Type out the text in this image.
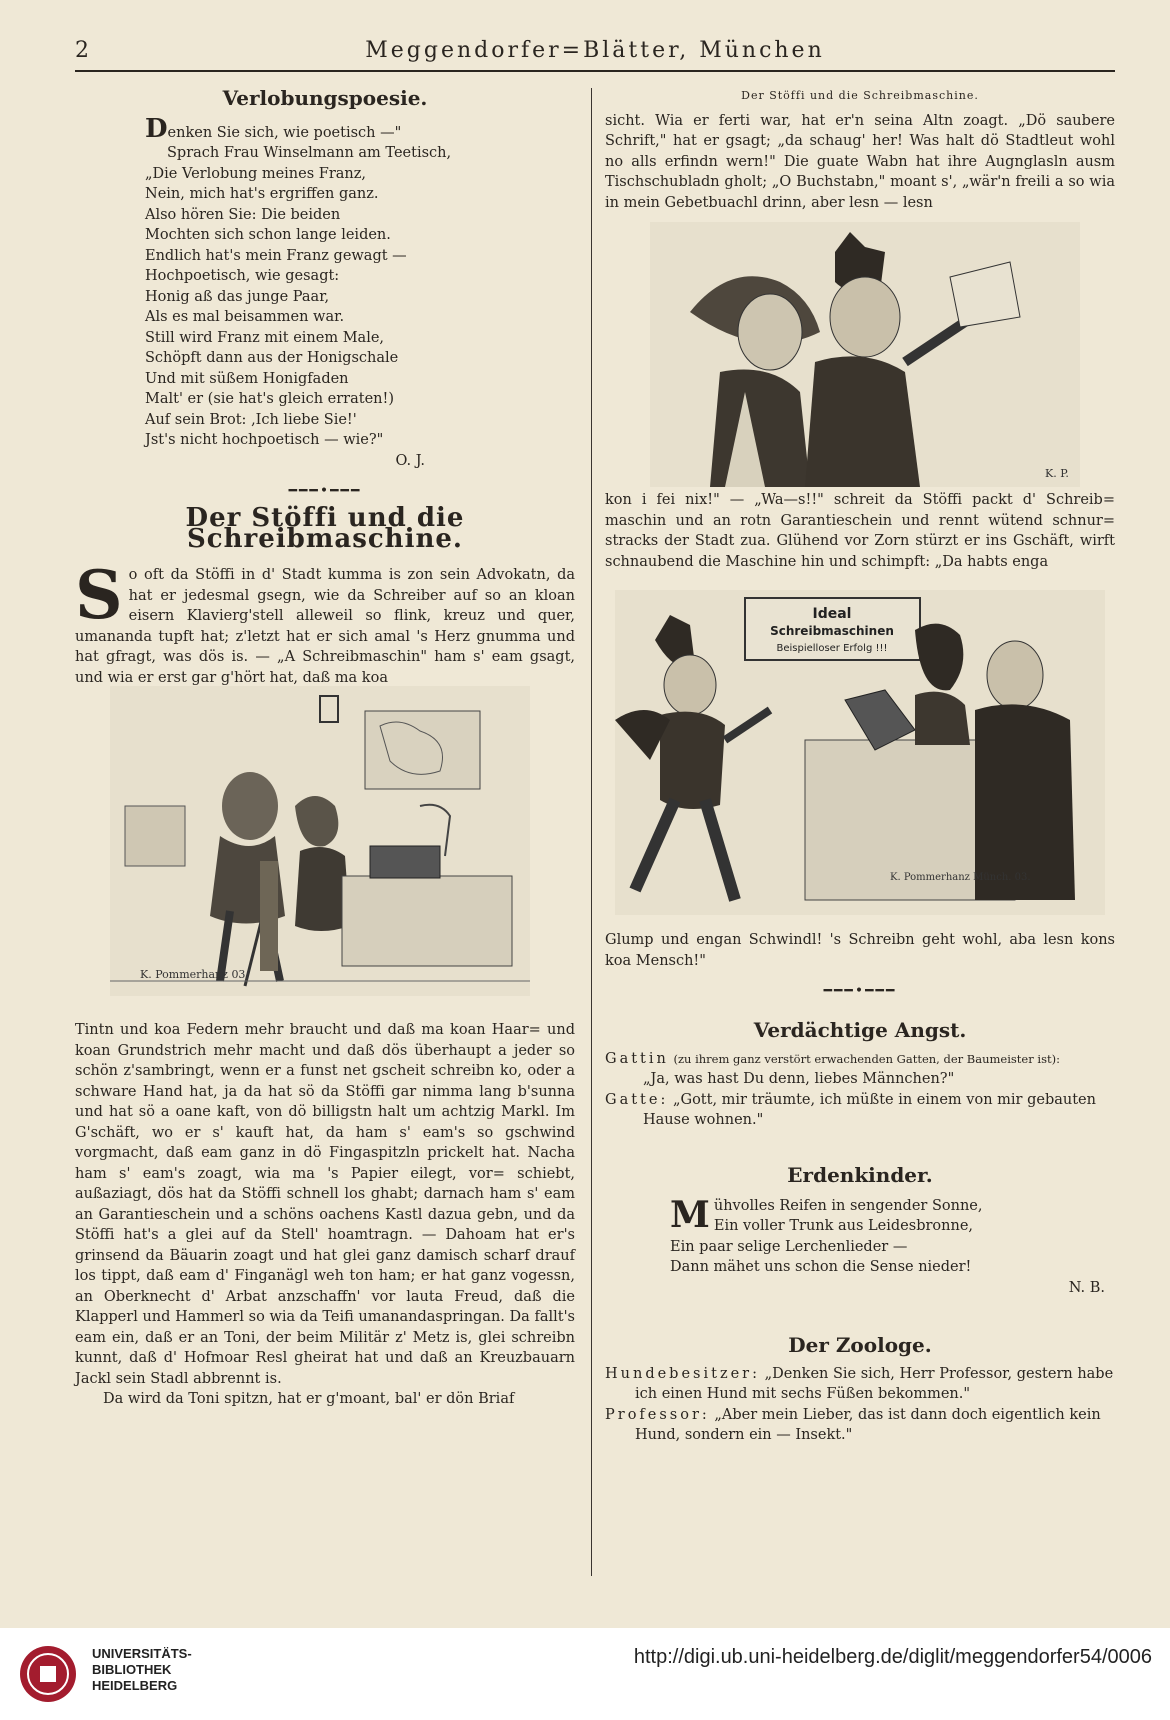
2	Meggendorfer=Blätter, München
Verlobungspoesie.
Denken Sie sich, wie poetisch —"
Sprach Frau Winselmann am Teetisch,
„Die Verlobung meines Franz,
Nein, mich hat's ergriffen ganz.
Also hören Sie: Die beiden
Mochten sich schon lange leiden.
Endlich hat's mein Franz gewagt —
Hochpoetisch, wie gesagt:
Honig aß das junge Paar,
Als es mal beisammen war.
Still wird Franz mit einem Male,
Schöpft dann aus der Honigschale
Und mit süßem Honigfaden
Malt' er (sie hat's gleich erraten!)
Auf sein Brot: ‚Ich liebe Sie!'
Jst's nicht hochpoetisch — wie?"
O. J.
━━━•━━━
Der Stöffi und die Schreibmaschine.
S o oft da Stöffi in d' Stadt kumma is zon sein Advokatn, da hat er jedesmal gsegn, wie da Schreiber auf so an kloan eisern Klavierg'stell alleweil so flink, kreuz und quer, umananda tupft hat; z'letzt hat er sich amal 's Herz gnumma und hat gfragt, was dös is. — „A Schreibmaschin" ham s' eam gsagt, und wia er erst gar g'hört hat, daß ma koa

K. Pommerhanz 03

Tintn und koa Federn mehr braucht und daß ma koan Haar= und koan Grundstrich mehr macht und daß dös überhaupt a jeder so schön z'sambringt, wenn er a funst net gscheit schreibn ko, oder a schware Hand hat, ja da hat sö da Stöffi gar nimma lang b'sunna und hat sö a oane kaft, von dö billigstn halt um achtzig Markl. Im G'schäft, wo er s' kauft hat, da ham s' eam's so gschwind vorgmacht, daß eam ganz in dö Fingaspitzln prickelt hat. Nacha ham s' eam's zoagt, wia ma 's Papier eilegt, vor= schiebt, außaziagt, dös hat da Stöffi schnell los ghabt; darnach ham s' eam an Garantieschein und a schöns oachens Kastl dazua gebn, und da Stöffi hat's a glei auf da Stell' hoamtragn. — Dahoam hat er's grinsend da Bäuarin zoagt und hat glei ganz damisch scharf drauf los tippt, daß eam d' Finganägl weh ton ham; er hat ganz vogessn, an Oberknecht d' Arbat anzschaffn' vor lauta Freud, daß die Klapperl und Hammerl so wia da Teifi umanandaspringan. Da fallt's eam ein, daß er an Toni, der beim Militär z' Metz is, glei schreibn kunnt, daß d' Hofmoar Resl gheirat hat und daß an Kreuzbauarn Jackl sein Stadl abbrennt is.

Da wird da Toni spitzn, hat er g'moant, bal' er dön Briaf

Der Stöffi und die Schreibmaschine.

sicht. Wia er ferti war, hat er'n seina Altn zoagt. „Dö saubere Schrift," hat er gsagt; „da schaug' her! Was halt dö Stadtleut wohl no alls erfindn wern!" Die guate Wabn hat ihre Augnglasln ausm Tischschubladn gholt; „O Buchstabn," moant s', „wär'n freili a so wia in mein Gebetbuachl drinn, aber lesn — lesn

K. P.

kon i fei nix!" — „Wa—s!!" schreit da Stöffi packt d' Schreib= maschin und an rotn Garantieschein und rennt wütend schnur= stracks der Stadt zua. Glühend vor Zorn stürzt er ins Gschäft, wirft schnaubend die Maschine hin und schimpft: „Da habts enga

Ideal
Schreibmaschinen
Beispielloser Erfolg !!!
K. Pommerhanz Münch. 03.

Glump und engan Schwindl! 's Schreibn geht wohl, aba lesn kons koa Mensch!"

━━━•━━━
Verdächtige Angst.
Gattin (zu ihrem ganz verstört erwachenden Gatten, der Baumeister ist):
„Ja, was hast Du denn, liebes Männchen?"
Gatte: „Gott, mir träumte, ich müßte in einem von mir gebauten Hause wohnen."
Erdenkinder.
Mühvolles Reifen in sengender Sonne,
Ein voller Trunk aus Leidesbronne,
Ein paar selige Lerchenlieder —
Dann mähet uns schon die Sense nieder!
N. B.
Der Zoologe.
Hundebesitzer: „Denken Sie sich, Herr Professor, gestern habe ich einen Hund mit sechs Füßen bekommen."
Professor: „Aber mein Lieber, das ist dann doch eigentlich kein Hund, sondern ein — Insekt."
UNIVERSITÄTS-
BIBLIOTHEK
HEIDELBERG
http://digi.ub.uni-heidelberg.de/diglit/meggendorfer54/0006
